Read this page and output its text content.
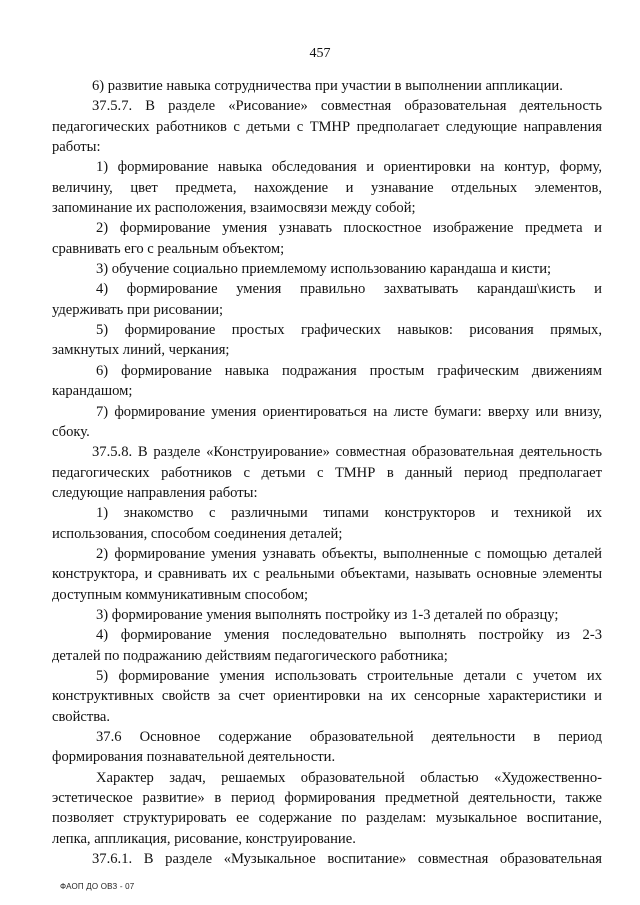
457
6) развитие навыка сотрудничества при участии в выполнении аппликации.
37.5.7. В разделе «Рисование» совместная образовательная деятельность
педагогических работников с детьми с ТМНР предполагает следующие направления
работы:
1) формирование навыка обследования и ориентировки на контур, форму,
величину, цвет предмета, нахождение и узнавание отдельных элементов,
запоминание их расположения, взаимосвязи между собой;
2) формирование умения узнавать плоскостное изображение предмета и
сравнивать его с реальным объектом;
3) обучение социально приемлемому использованию карандаша и кисти;
4) формирование умения правильно захватывать карандаш\кисть и
удерживать при рисовании;
5) формирование простых графических навыков: рисования прямых,
замкнутых линий, черкания;
6) формирование навыка подражания простым графическим движениям
карандашом;
7) формирование умения ориентироваться на листе бумаги: вверху или внизу,
сбоку.
37.5.8. В разделе «Конструирование» совместная образовательная деятельность
педагогических работников с детьми с ТМНР в данный период предполагает
следующие направления работы:
1) знакомство с различными типами конструкторов и техникой их
использования, способом соединения деталей;
2) формирование умения узнавать объекты, выполненные с помощью деталей
конструктора, и сравнивать их с реальными объектами, называть основные элементы
доступным коммуникативным способом;
3) формирование умения выполнять постройку из 1-3 деталей по образцу;
4) формирование умения последовательно выполнять постройку из 2-3
деталей по подражанию действиям педагогического работника;
5) формирование умения использовать строительные детали с учетом их
конструктивных свойств за счет ориентировки на их сенсорные характеристики и
свойства.
37.6 Основное содержание образовательной деятельности в период
формирования познавательной деятельности.
Характер задач, решаемых образовательной областью «Художественно-
эстетическое развитие» в период формирования предметной деятельности, также
позволяет структурировать ее содержание по разделам: музыкальное воспитание,
лепка, аппликация, рисование, конструирование.
37.6.1. В разделе «Музыкальное воспитание» совместная образовательная
ФАОП ДО ОВЗ - 07
